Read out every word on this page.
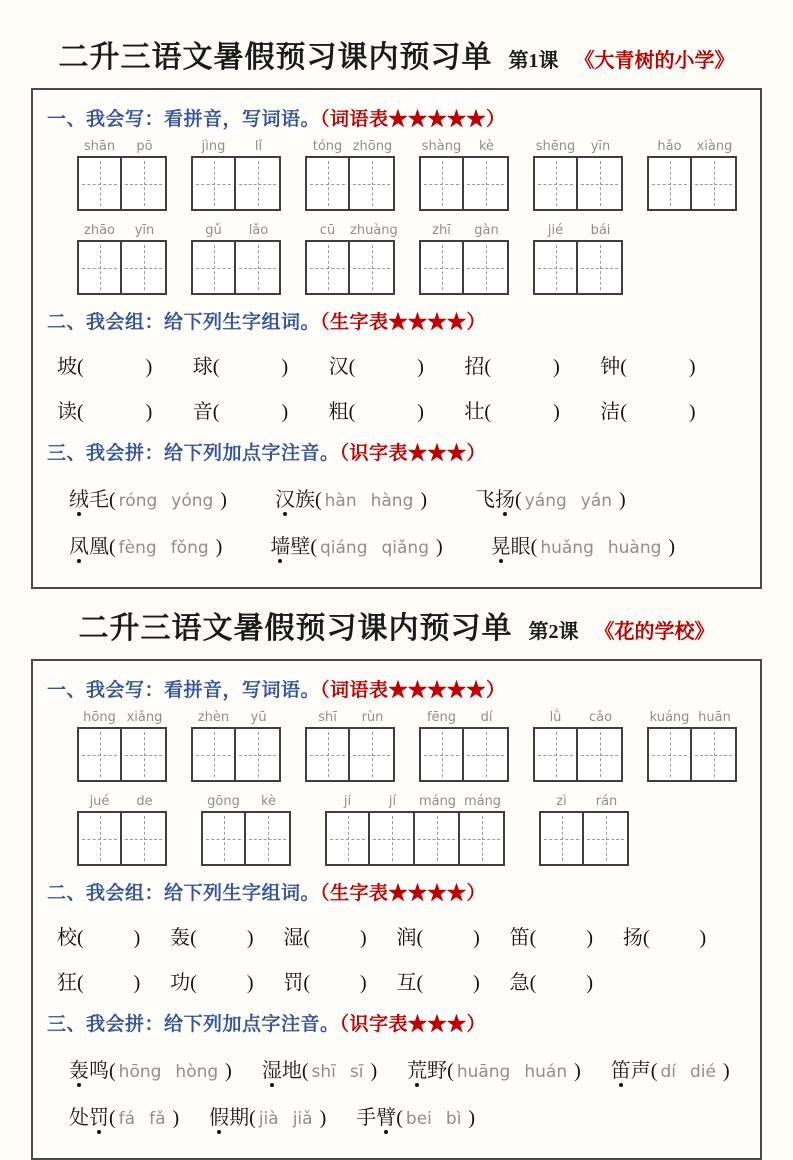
二升三语文暑假预习课内预习单 第1课 《大青树的小学》
一、我会写：看拼音，写词语。（词语表★★★★★）
shān	pō	jìng	lǐ	tóng zhōng shàng	kè	shēng	yīn	hǎo	xiàng
zhāo	yīn	gǔ	lǎo	cū	zhuàng	zhī	gàn	jié	bái
二、我会组：给下列生字组词。（生字表★★★★）
坡(	)	球(	)	汉(	)	招(	)	钟(	)
读(	)	音(	)	粗(	)	壮(	)	洁(	)
三、我会拼：给下列加点字注音。（识字表★★★）
绒毛( róng yóng ) 汉族( hàn hàng ) 飞扬( yáng yán )
凤凰( fèng fǒng ) 墙壁( qiáng qiǎng ) 晃眼( huǎng huàng )
二升三语文暑假预习课内预习单 第2课 《花的学校》
一、我会写：看拼音，写词语。（词语表★★★★★）
hōng xiǎng	zhèn	yū	shī	rùn	fēng	dí	lǜ	cǎo	kuáng huān
jué	de	gōng	kè	jí	jí	máng máng	zì	rán
二、我会组：给下列生字组词。（生字表★★★★）
校(	)	轰(	)	湿(	)	润(	)	笛(	)	扬(	)
狂(	)	功(	)	罚(	)	互(	)	急(	)
三、我会拼：给下列加点字注音。（识字表★★★）
轰鸣( hōng hòng ) 湿地( shī sī ) 荒野( huāng huán ) 笛声( dí dié )
处罚( fá fǎ ) 假期( jià jiǎ ) 手臂( bei bì )
